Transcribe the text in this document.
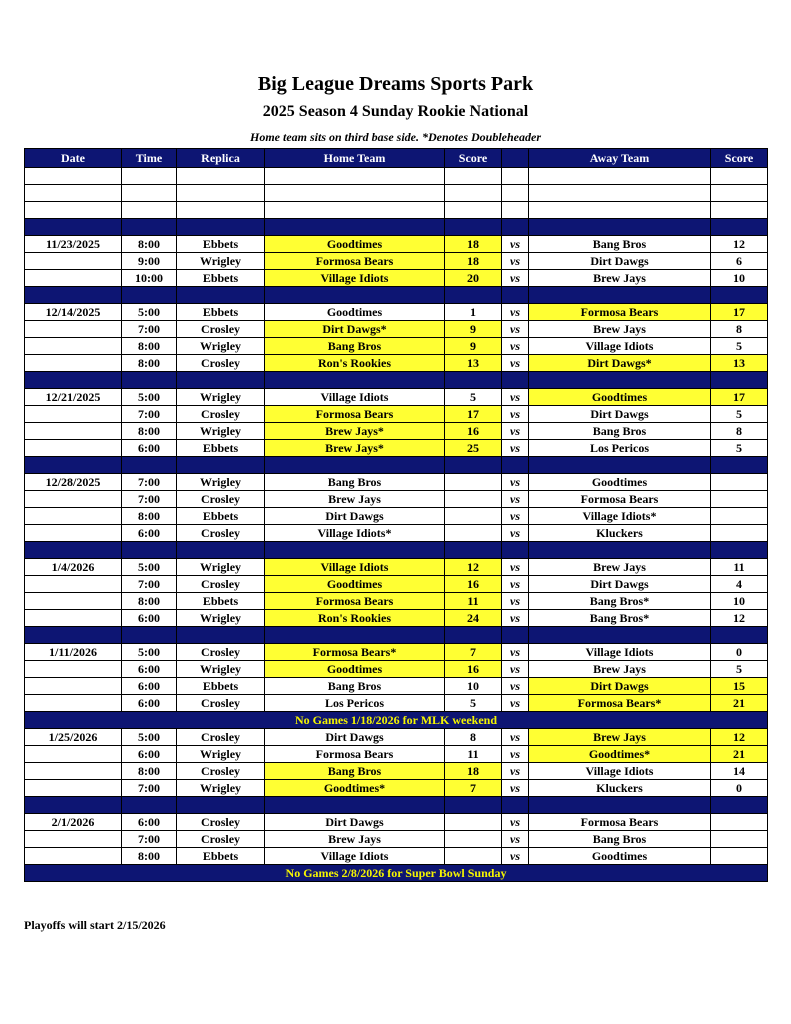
Big League Dreams Sports Park
2025 Season 4 Sunday Rookie National
Home team sits on third base side. *Denotes Doubleheader
Date	Time	Replica	Home Team	Score		Away Team	Score

11/23/2025	8:00	Ebbets	Goodtimes	18	vs	Bang Bros	12
	9:00	Wrigley	Formosa Bears	18	vs	Dirt Dawgs	6
	10:00	Ebbets	Village Idiots	20	vs	Brew Jays	10

12/14/2025	5:00	Ebbets	Goodtimes	1	vs	Formosa Bears	17
	7:00	Crosley	Dirt Dawgs*	9	vs	Brew Jays	8
	8:00	Wrigley	Bang Bros	9	vs	Village Idiots	5
	8:00	Crosley	Ron's Rookies	13	vs	Dirt Dawgs*	13

12/21/2025	5:00	Wrigley	Village Idiots	5	vs	Goodtimes	17
	7:00	Crosley	Formosa Bears	17	vs	Dirt Dawgs	5
	8:00	Wrigley	Brew Jays*	16	vs	Bang Bros	8
	6:00	Ebbets	Brew Jays*	25	vs	Los Pericos	5

12/28/2025	7:00	Wrigley	Bang Bros		vs	Goodtimes	
	7:00	Crosley	Brew Jays		vs	Formosa Bears	
	8:00	Ebbets	Dirt Dawgs		vs	Village Idiots*	
	6:00	Crosley	Village Idiots*		vs	Kluckers	

1/4/2026	5:00	Wrigley	Village Idiots	12	vs	Brew Jays	11
	7:00	Crosley	Goodtimes	16	vs	Dirt Dawgs	4
	8:00	Ebbets	Formosa Bears	11	vs	Bang Bros*	10
	6:00	Wrigley	Ron's Rookies	24	vs	Bang Bros*	12

1/11/2026	5:00	Crosley	Formosa Bears*	7	vs	Village Idiots	0
	6:00	Wrigley	Goodtimes	16	vs	Brew Jays	5
	6:00	Ebbets	Bang Bros	10	vs	Dirt Dawgs	15
	6:00	Crosley	Los Pericos	5	vs	Formosa Bears*	21
No Games 1/18/2026 for MLK weekend							
1/25/2026	5:00	Crosley	Dirt Dawgs	8	vs	Brew Jays	12
	6:00	Wrigley	Formosa Bears	11	vs	Goodtimes*	21
	8:00	Crosley	Bang Bros	18	vs	Village Idiots	14
	7:00	Wrigley	Goodtimes*	7	vs	Kluckers	0

2/1/2026	6:00	Crosley	Dirt Dawgs		vs	Formosa Bears	
	7:00	Crosley	Brew Jays		vs	Bang Bros	
	8:00	Ebbets	Village Idiots		vs	Goodtimes	
No Games 2/8/2026 for Super Bowl Sunday							
Playoffs will start 2/15/2026
